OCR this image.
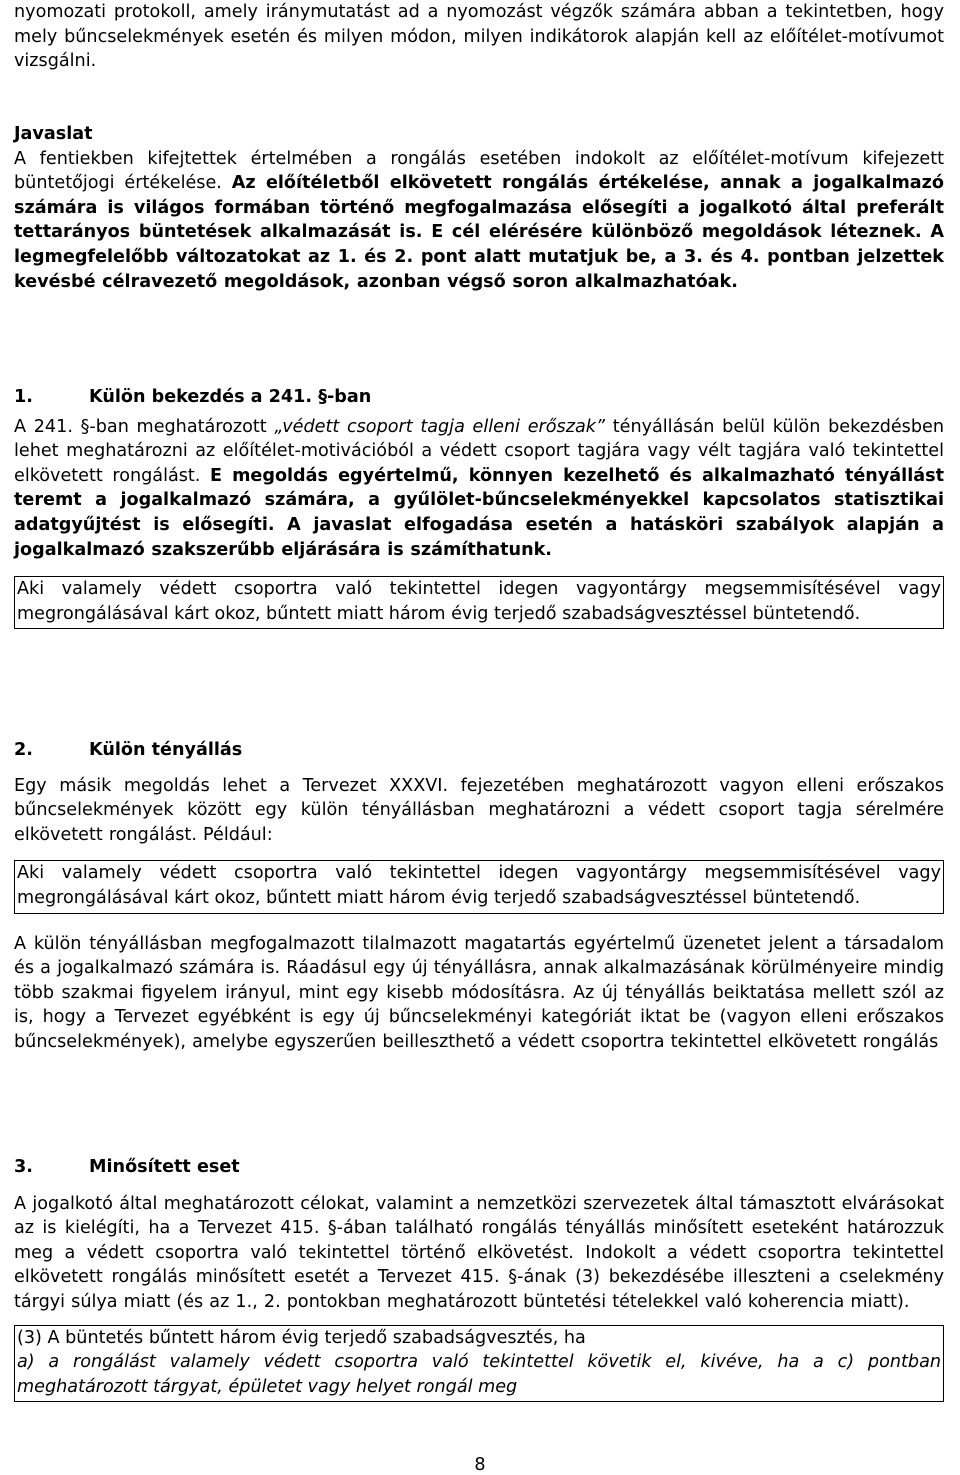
nyomozati protokoll, amely iránymutatást ad a nyomozást végzők számára abban a tekintetben, hogy mely bűncselekmények esetén és milyen módon, milyen indikátorok alapján kell az előítélet-motívumot vizsgálni.

Javaslat

A fentiekben kifejtettek értelmében a rongálás esetében indokolt az előítélet-motívum kifejezett büntetőjogi értékelése. Az előítéletből elkövetett rongálás értékelése, annak a jogalkalmazó számára is világos formában történő megfogalmazása elősegíti a jogalkotó által preferált tettarányos büntetések alkalmazását is. E cél elérésére különböző megoldások léteznek. A legmegfelelőbb változatokat az 1. és 2. pont alatt mutatjuk be, a 3. és 4. pontban jelzettek kevésbé célravezető megoldások, azonban végső soron alkalmazhatóak.

1.	Külön bekezdés a 241. §-ban

A 241. §-ban meghatározott „védett csoport tagja elleni erőszak” tényállásán belül külön bekezdésben lehet meghatározni az előítélet-motivációból a védett csoport tagjára vagy vélt tagjára való tekintettel elkövetett rongálást. E megoldás egyértelmű, könnyen kezelhető és alkalmazható tényállást teremt a jogalkalmazó számára, a gyűlölet-bűncselekményekkel kapcsolatos statisztikai adatgyűjtést is elősegíti. A javaslat elfogadása esetén a hatásköri szabályok alapján a jogalkalmazó szakszerűbb eljárására is számíthatunk.

Aki valamely védett csoportra való tekintettel idegen vagyontárgy megsemmisítésével vagy megrongálásával kárt okoz, bűntett miatt három évig terjedő szabadságvesztéssel büntetendő.
2.	Külön tényállás

Egy másik megoldás lehet a Tervezet XXXVI. fejezetében meghatározott vagyon elleni erőszakos bűncselekmények között egy külön tényállásban meghatározni a védett csoport tagja sérelmére elkövetett rongálást. Például:

Aki valamely védett csoportra való tekintettel idegen vagyontárgy megsemmisítésével vagy megrongálásával kárt okoz, bűntett miatt három évig terjedő szabadságvesztéssel büntetendő.

A külön tényállásban megfogalmazott tilalmazott magatartás egyértelmű üzenetet jelent a társadalom és a jogalkalmazó számára is. Ráadásul egy új tényállásra, annak alkalmazásának körülményeire mindig több szakmai figyelem irányul, mint egy kisebb módosításra. Az új tényállás beiktatása mellett szól az is, hogy a Tervezet egyébként is egy új bűncselekményi kategóriát iktat be (vagyon elleni erőszakos bűncselekmények), amelybe egyszerűen beilleszthető a védett csoportra tekintettel elkövetett rongálás

3.	Minősített eset

A jogalkotó által meghatározott célokat, valamint a nemzetközi szervezetek által támasztott elvárásokat az is kielégíti, ha a Tervezet 415. §-ában található rongálás tényállás minősített eseteként határozzuk meg a védett csoportra való tekintettel történő elkövetést. Indokolt a védett csoportra tekintettel elkövetett rongálás minősített esetét a Tervezet 415. §-ának (3) bekezdésébe illeszteni a cselekmény tárgyi súlya miatt (és az 1., 2. pontokban meghatározott büntetési tételekkel való koherencia miatt).

(3) A büntetés bűntett három évig terjedő szabadságvesztés, ha
a) a rongálást valamely védett csoportra való tekintettel követik el, kivéve, ha a c) pontban meghatározott tárgyat, épületet vagy helyet rongál meg
8
